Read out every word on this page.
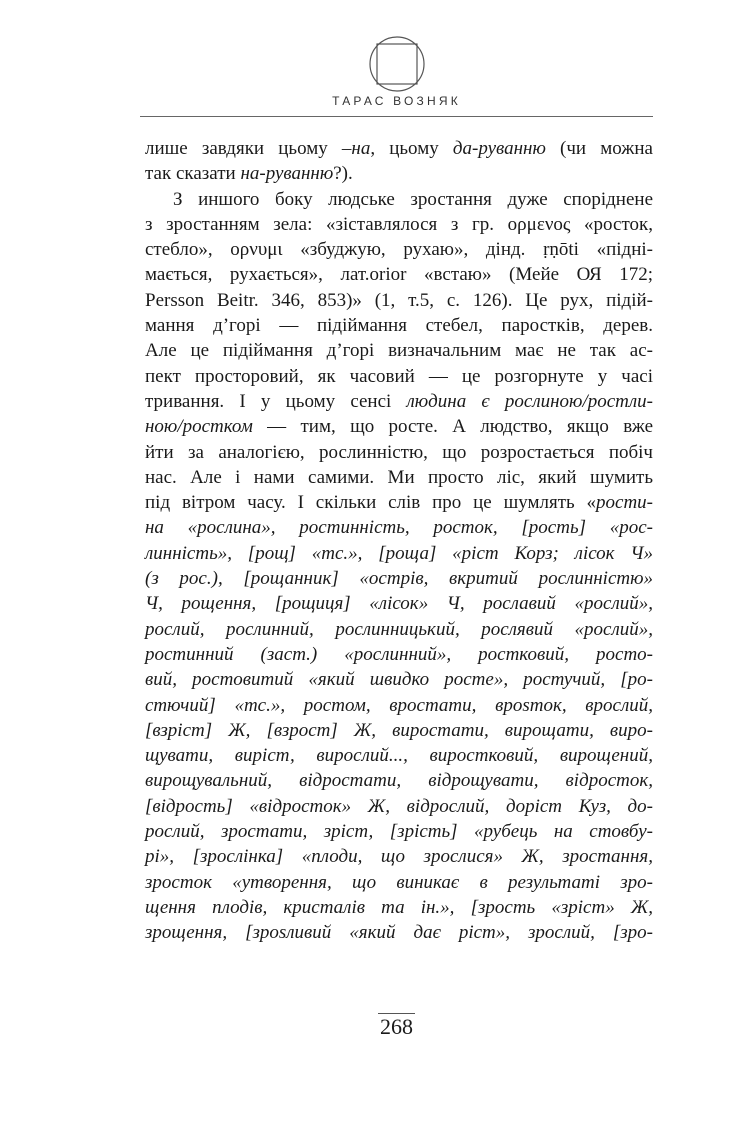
ТАРАС ВОЗНЯК
лише завдяки цьому –на, цьому да-руванню (чи можна
так сказати на-руванню?).
З иншого боку людське зростання дуже споріднене
з зростанням зела: «зіставлялося з гр. ορμενος «росток,
стебло», ορνυμι «збуджую, рухаю», дінд. ṛṇōti «підні-
мається, рухається», лат.orior «встаю» (Мейе ОЯ 172;
Persson Beitr. 346, 853)» (1, т.5, с. 126). Це рух, підій-
мання д’горі — підіймання стебел, паростків, дерев.
Але це підіймання д’горі визначальним має не так ас-
пект просторовий, як часовий — це розгорнуте у часі
тривання. І у цьому сенсі людина є рослиною/ростли-
ною/ростком — тим, що росте. А людство, якщо вже
йти за аналогією, рослинністю, що розростається побіч
нас. Але і нами самими. Ми просто ліс, який шумить
під вітром часу. І скільки слів про це шумлять «рости-
на «рослина», ростинність, росток, [рость] «рос-
линність», [рощ] «тс.», [роща] «ріст Корз; лісок Ч»
(з рос.), [рощанник] «острів, вкритий рослинністю»
Ч, рощення, [рощиця] «лісок» Ч, рославий «рослий»,
рослий, рослинний, рослинницький, рослявий «рослий»,
ростинний (заст.) «рослинний», ростковий, росто-
вий, ростовитий «який швидко росте», ростучий, [ро-
стючий] «тс.», ростом, вростати, врosток, врослий,
[взріст] Ж, [взрост] Ж, виростати, вирощати, виро-
щувати, виріст, вирослий..., виростковий, вирощений,
вирощувальний, відростати, відрощувати, відросток,
[відрость] «відросток» Ж, відрослий, доріст Куз, до-
рослий, зростати, зріст, [зрість] «рубець на стовбу-
рі», [зрослінка] «плоди, що зрослися» Ж, зростання,
зросток «утворення, що виникає в результаті зро-
щення плодів, кристалів та ін.», [зрость «зріст» Ж,
зрощення, [зрosливий «який дає ріст», зрослий, [зро-
268
